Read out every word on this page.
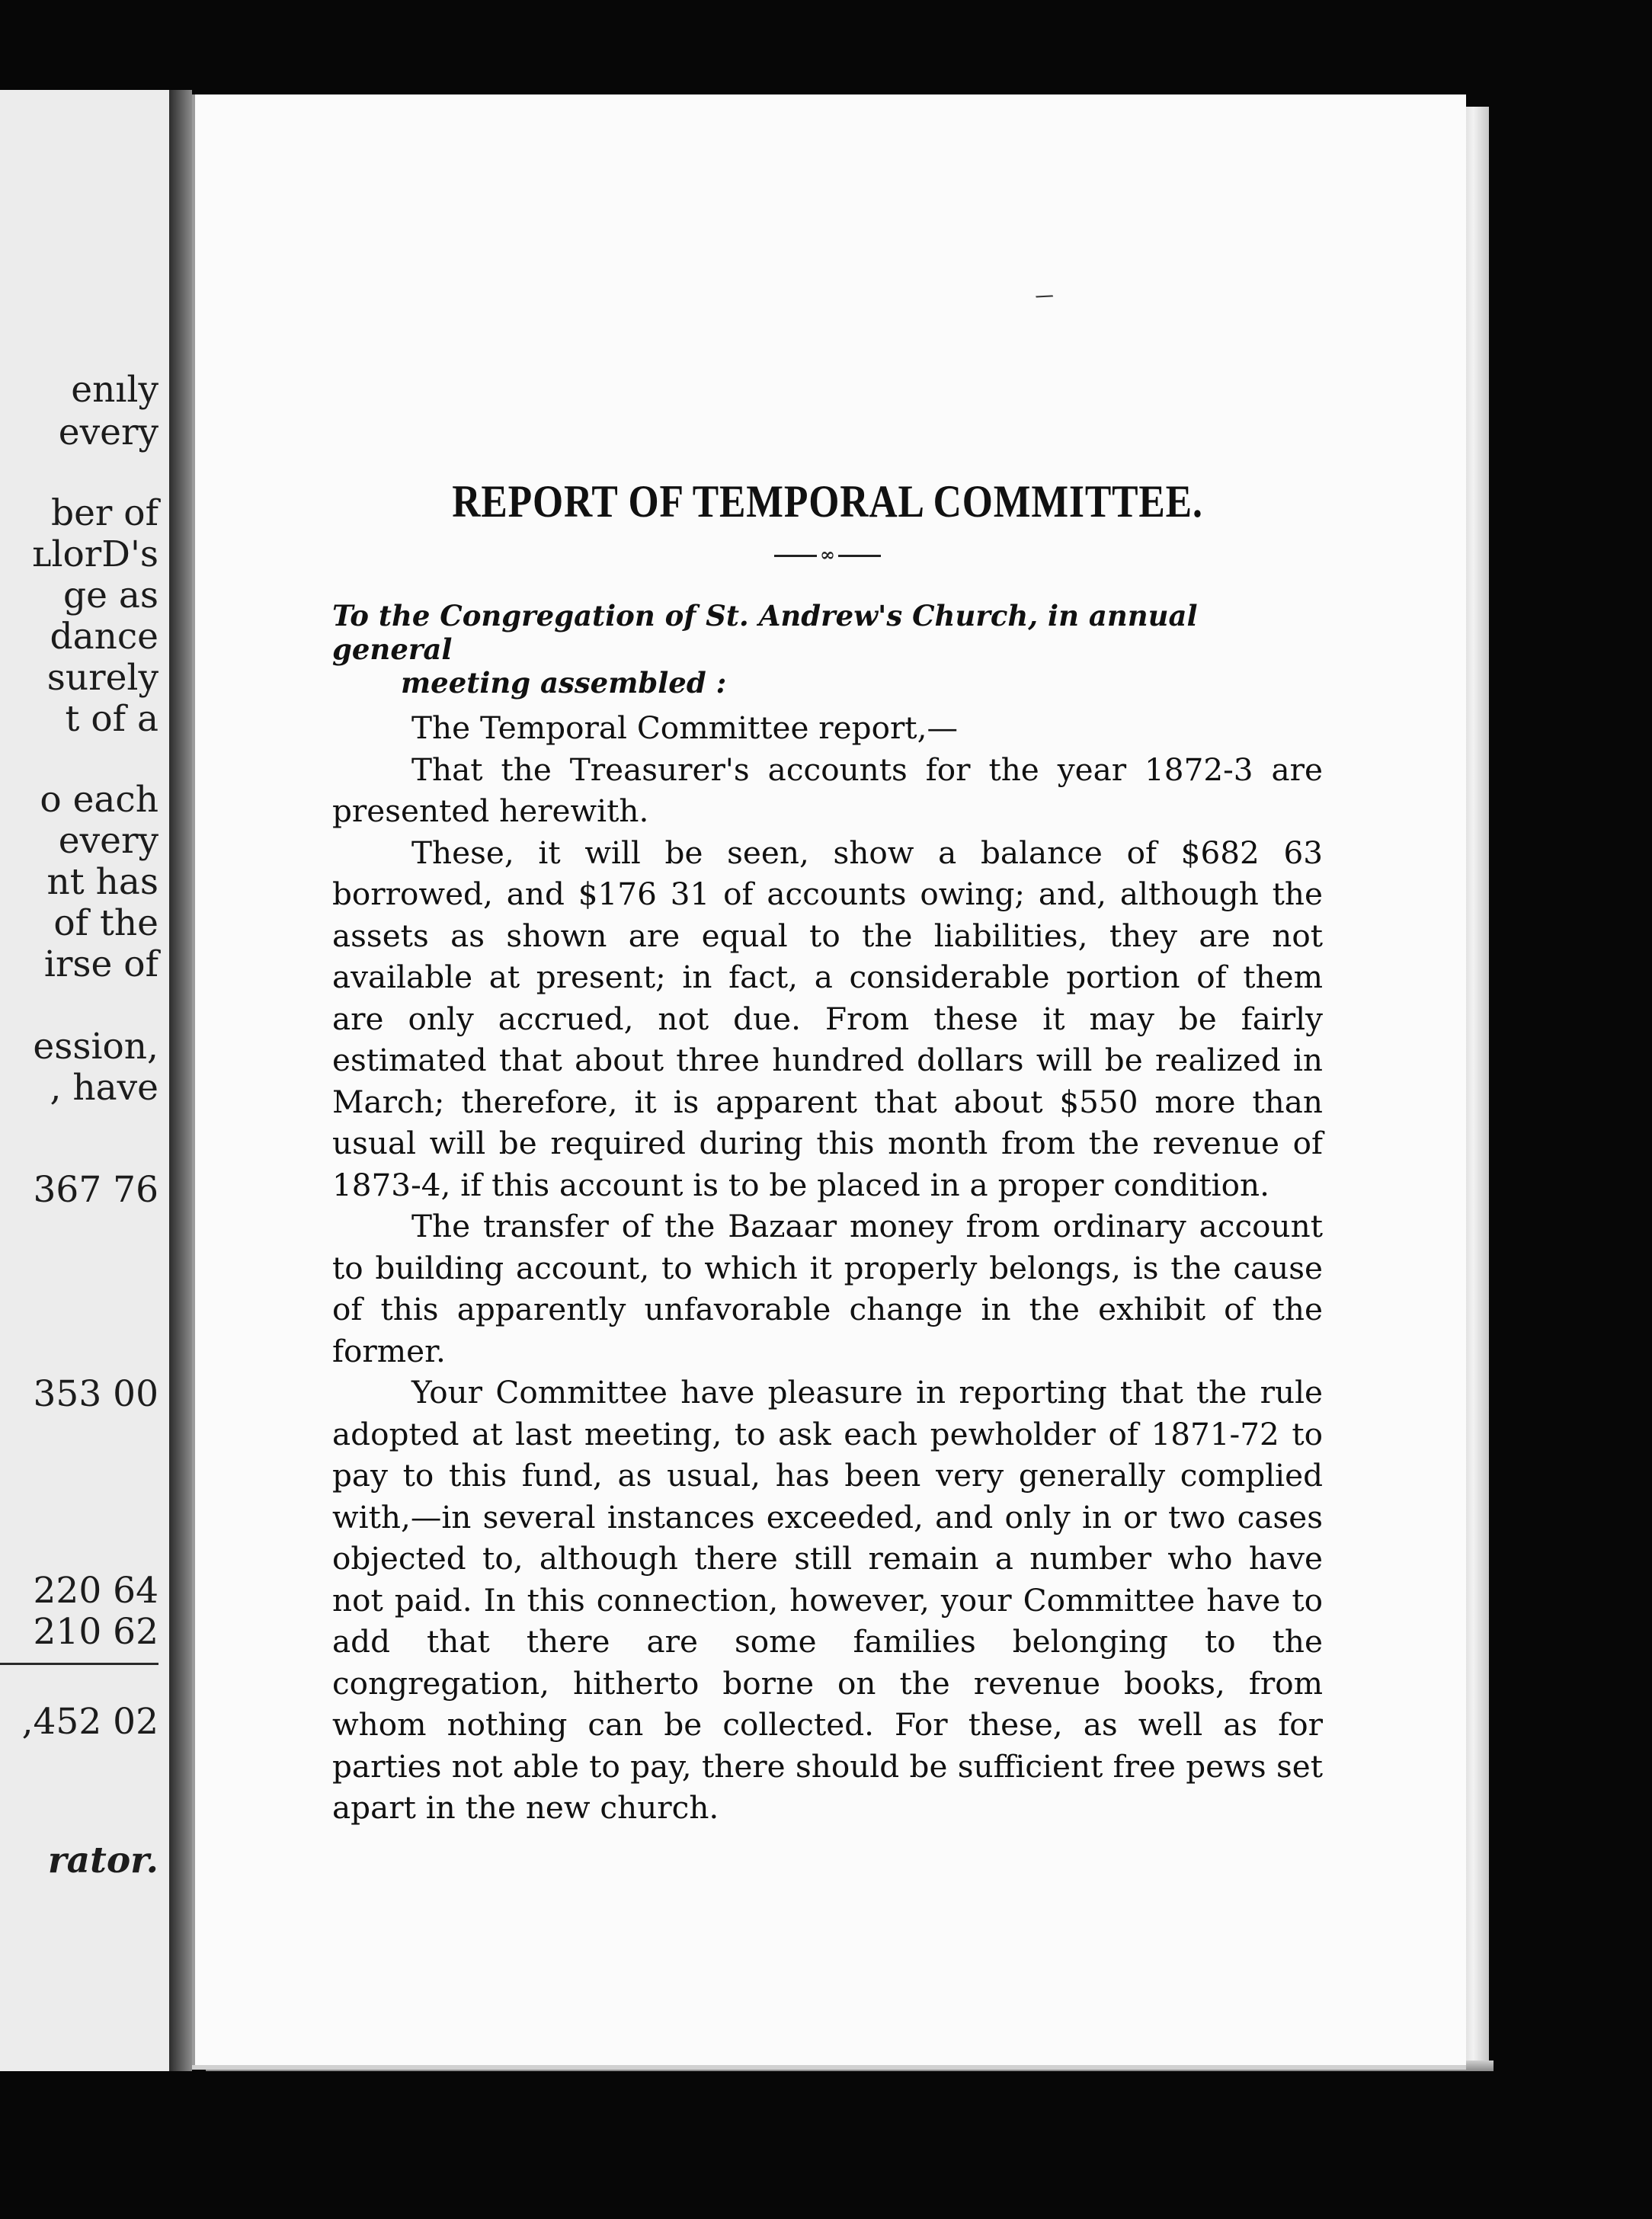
enıly
every
ber of
ʟlorD's
ge as
dance
surely
t of a
o each
every
nt has
of the
irse of
ession,
, have
367 76
353 00
220 64
210 62
,452 02
rator.
/
REPORT OF TEMPORAL COMMITTEE.
∞

To the Congregation of St. Andrew's Church, in annual general
meeting assembled :

The Temporal Committee report,—

That the Treasurer's accounts for the year 1872-3 are presented herewith.

These, it will be seen, show a balance of $682 63 borrowed, and $176 31 of accounts owing; and, although the assets as shown are equal to the liabilities, they are not available at present; in fact, a considerable portion of them are only accrued, not due. From these it may be fairly estimated that about three hundred dollars will be realized in March; therefore, it is apparent that about $550 more than usual will be required during this month from the revenue of 1873-4, if this account is to be placed in a proper condition.

The transfer of the Bazaar money from ordinary account to building account, to which it properly belongs, is the cause of this apparently unfavorable change in the exhibit of the former.

Your Committee have pleasure in reporting that the rule adopted at last meeting, to ask each pewholder of 1871-72 to pay to this fund, as usual, has been very generally complied with,—in several instances exceeded, and only in or two cases objected to, although there still remain a number who have not paid. In this connection, however, your Committee have to add that there are some families belonging to the congregation, hitherto borne on the revenue books, from whom nothing can be collected. For these, as well as for parties not able to pay, there should be sufficient free pews set apart in the new church.
